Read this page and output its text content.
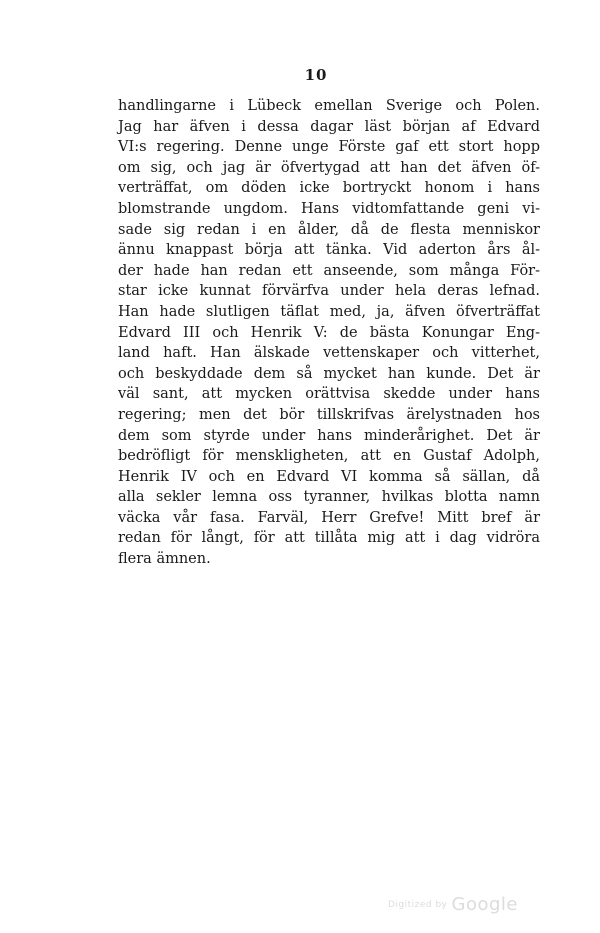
10
handlingarne i Lübeck emellan Sverige och Polen.
Jag har äfven i dessa dagar läst början af Edvard
VI:s regering. Denne unge Förste gaf ett stort hopp
om sig, och jag är öfvertygad att han det äfven öf-
verträffat, om döden icke bortryckt honom i hans
blomstrande ungdom. Hans vidtomfattande geni vi-
sade sig redan i en ålder, då de flesta menniskor
ännu knappast börja att tänka. Vid aderton års ål-
der hade han redan ett anseende, som många För-
star icke kunnat förvärfva under hela deras lefnad.
Han hade slutligen täflat med, ja, äfven öfverträffat
Edvard III och Henrik V: de bästa Konungar Eng-
land haft. Han älskade vettenskaper och vitterhet,
och beskyddade dem så mycket han kunde. Det är
väl sant, att mycken orättvisa skedde under hans
regering; men det bör tillskrifvas ärelystnaden hos
dem som styrde under hans minderårighet. Det är
bedröfligt för menskligheten, att en Gustaf Adolph,
Henrik IV och en Edvard VI komma så sällan, då
alla sekler lemna oss tyranner, hvilkas blotta namn
väcka vår fasa. Farväl, Herr Grefve! Mitt bref är
redan för långt, för att tillåta mig att i dag vidröra
flera ämnen.
Digitized by Google
